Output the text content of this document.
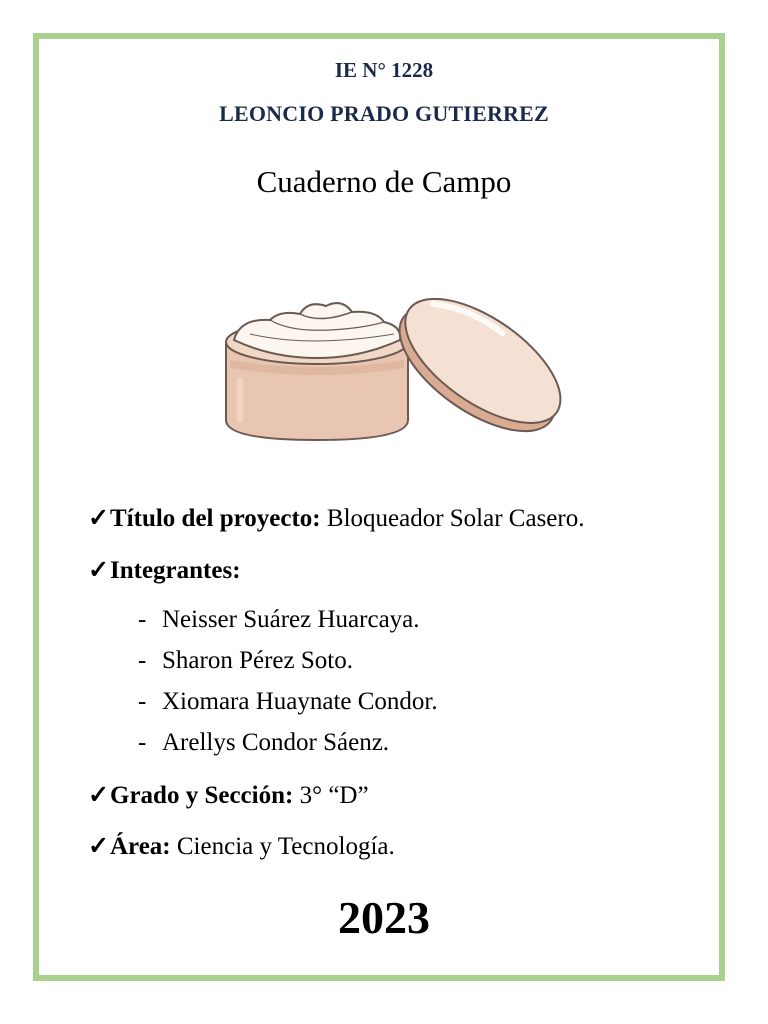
IE N° 1228
LEONCIO PRADO GUTIERREZ
Cuaderno de Campo
✓Título del proyecto: Bloqueador Solar Casero.
✓Integrantes:
- Neisser Suárez Huarcaya.
- Sharon Pérez Soto.
- Xiomara Huaynate Condor.
- Arellys Condor Sáenz.
✓Grado y Sección: 3° “D”
✓Área: Ciencia y Tecnología.
2023
